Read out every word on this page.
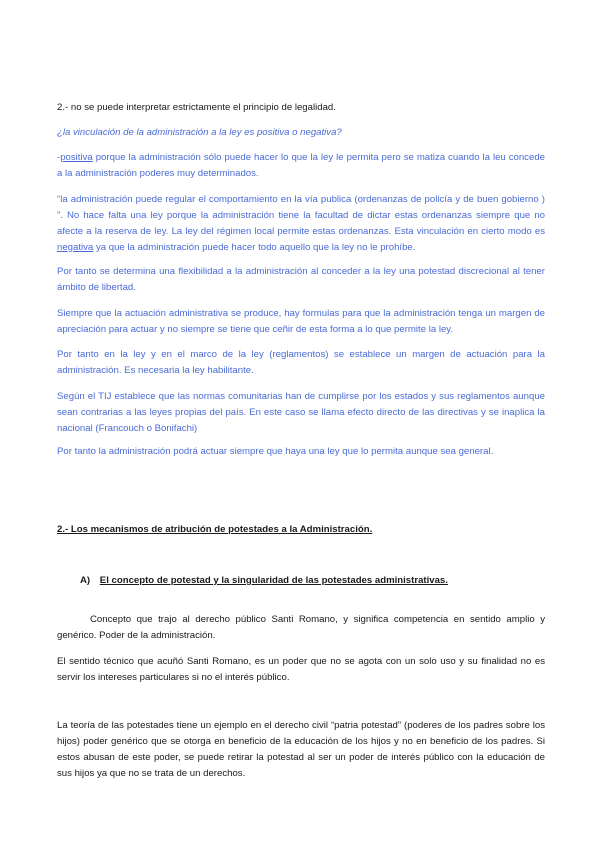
2.- no se puede interpretar estrictamente el principio de legalidad.
¿la vinculación de la administración a la ley es positiva o negativa?
-positiva porque la administración sólo puede hacer lo que la ley le permita pero se matiza cuando la leu concede a la administración poderes muy determinados.
“la administración puede regular el comportamiento en la vía publica (ordenanzas de policía y de buen gobierno ) ”. No hace falta una ley porque la administración tiene la facultad de dictar estas ordenanzas siempre que no afecte a la reserva de ley. La ley del régimen local permite estas ordenanzas. Esta vinculación en cierto modo es negativa ya que la administración puede hacer todo aquello que la ley no le prohíbe.
Por tanto se determina una flexibilidad a la administración al conceder a la ley una potestad discrecional al tener ámbito de libertad.
Siempre que la actuación administrativa se produce, hay formulas para que la administración tenga un margen de apreciación para actuar y no siempre se tiene que ceñir de esta forma a lo que permite la ley.
Por tanto en la ley y en el marco de la ley (reglamentos) se establece un margen de actuación para la administración. Es necesaria la ley habilitante.
Según el TIJ establece que las normas comunitarias han de cumplirse por los estados y sus reglamentos aunque sean contrarias a las leyes propias del país. En este caso se llama efecto directo de las directivas y se inaplica la nacional (Francouch o Bonifachi)
Por tanto la administración podrá actuar siempre que haya una ley que lo permita aunque sea general.
2.- Los mecanismos de atribución de potestades a la Administración.
A) El concepto de potestad y la singularidad de las potestades administrativas.
Concepto que trajo al derecho público Santi Romano, y significa competencia en sentido amplio y genérico. Poder de la administración.
El sentido técnico que acuñó Santi Romano, es un poder que no se agota con un solo uso y su finalidad no es servir los intereses particulares si no el interés público.
La teoría de las potestades tiene un ejemplo en el derecho civil “patria potestad” (poderes de los padres sobre los hijos) poder genérico que se otorga en beneficio de la educación de los hijos y no en beneficio de los padres. Si estos abusan de este poder, se puede retirar la potestad al ser un poder de interés público con la educación de sus hijos ya que no se trata de un derechos.
